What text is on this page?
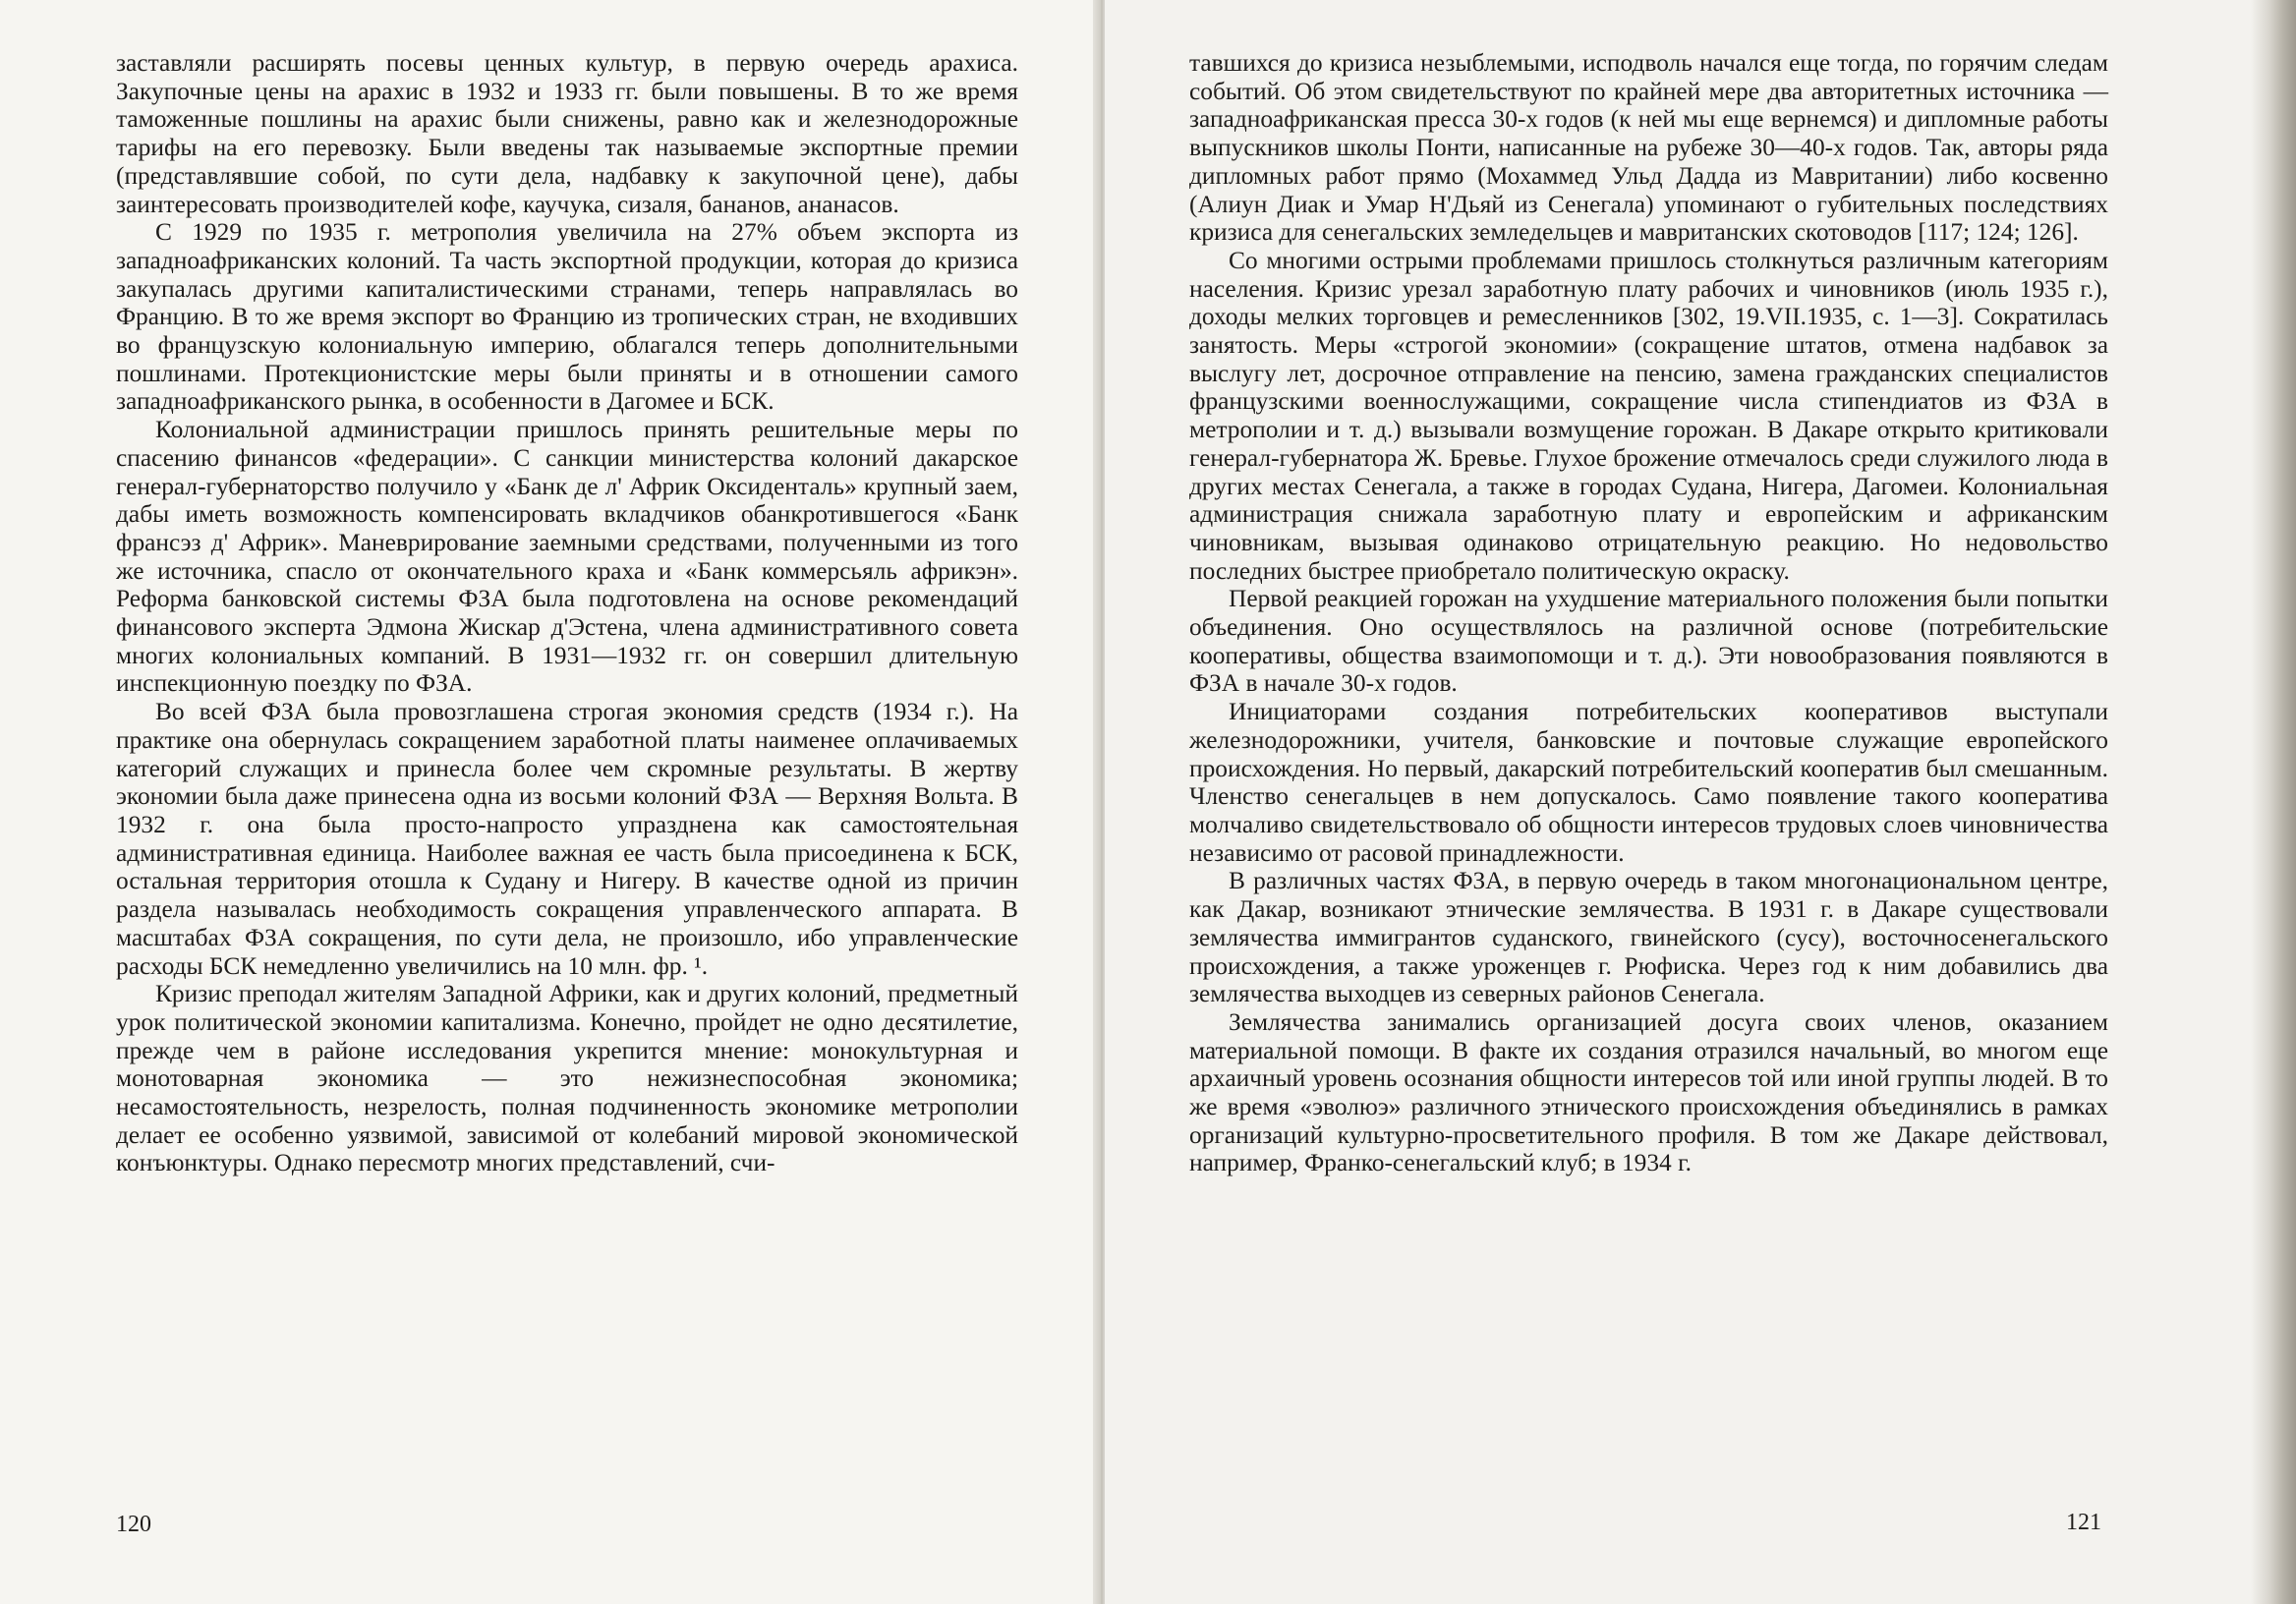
заставляли расширять посевы ценных культур, в первую очередь арахиса. Закупочные цены на арахис в 1932 и 1933 гг. были повышены. В то же время таможенные пошлины на арахис были снижены, равно как и железнодорожные тарифы на его перевозку. Были введены так называемые экспортные премии (представлявшие собой, по сути дела, надбавку к закупочной цене), дабы заинтересовать производителей кофе, каучука, сизаля, бананов, ананасов.

С 1929 по 1935 г. метрополия увеличила на 27% объем экспорта из западноафриканских колоний. Та часть экспортной продукции, которая до кризиса закупалась другими капиталистическими странами, теперь направлялась во Францию. В то же время экспорт во Францию из тропических стран, не входивших во французскую колониальную империю, облагался теперь дополнительными пошлинами. Протекционистские меры были приняты и в отношении самого западноафриканского рынка, в особенности в Дагомее и БСК.

Колониальной администрации пришлось принять решительные меры по спасению финансов «федерации». С санкции министерства колоний дакарское генерал-губернаторство получило у «Банк де л' Африк Оксиденталь» крупный заем, дабы иметь возможность компенсировать вкладчиков обанкротившегося «Банк франсэз д' Африк». Маневрирование заемными средствами, полученными из того же источника, спасло от окончательного краха и «Банк коммерсьяль африкэн». Реформа банковской системы ФЗА была подготовлена на основе рекомендаций финансового эксперта Эдмона Жискар д'Эстена, члена административного совета многих колониальных компаний. В 1931—1932 гг. он совершил длительную инспекционную поездку по ФЗА.

Во всей ФЗА была провозглашена строгая экономия средств (1934 г.). На практике она обернулась сокращением заработной платы наименее оплачиваемых категорий служащих и принесла более чем скромные результаты. В жертву экономии была даже принесена одна из восьми колоний ФЗА — Верхняя Вольта. В 1932 г. она была просто-напросто упразднена как самостоятельная административная единица. Наиболее важная ее часть была присоединена к БСК, остальная территория отошла к Судану и Нигеру. В качестве одной из причин раздела называлась необходимость сокращения управленческого аппарата. В масштабах ФЗА сокращения, по сути дела, не произошло, ибо управленческие расходы БСК немедленно увеличились на 10 млн. фр. ¹.

Кризис преподал жителям Западной Африки, как и других колоний, предметный урок политической экономии капитализма. Конечно, пройдет не одно десятилетие, прежде чем в районе исследования укрепится мнение: монокультурная и монотоварная экономика — это нежизнеспособная экономика; несамостоятельность, незрелость, полная подчиненность экономике метрополии делает ее особенно уязвимой, зависимой от колебаний мировой экономической конъюнктуры. Однако пересмотр многих представлений, счи-

120

тавшихся до кризиса незыблемыми, исподволь начался еще тогда, по горячим следам событий. Об этом свидетельствуют по крайней мере два авторитетных источника — западноафриканская пресса 30-х годов (к ней мы еще вернемся) и дипломные работы выпускников школы Понти, написанные на рубеже 30—40-х годов. Так, авторы ряда дипломных работ прямо (Мохаммед Ульд Дадда из Мавритании) либо косвенно (Алиун Диак и Умар Н'Дьяй из Сенегала) упоминают о губительных последствиях кризиса для сенегальских земледельцев и мавританских скотоводов [117; 124; 126].

Со многими острыми проблемами пришлось столкнуться различным категориям населения. Кризис урезал заработную плату рабочих и чиновников (июль 1935 г.), доходы мелких торговцев и ремесленников [302, 19.VII.1935, с. 1—3]. Сократилась занятость. Меры «строгой экономии» (сокращение штатов, отмена надбавок за выслугу лет, досрочное отправление на пенсию, замена гражданских специалистов французскими военнослужащими, сокращение числа стипендиатов из ФЗА в метрополии и т. д.) вызывали возмущение горожан. В Дакаре открыто критиковали генерал-губернатора Ж. Бревье. Глухое брожение отмечалось среди служилого люда в других местах Сенегала, а также в городах Судана, Нигера, Дагомеи. Колониальная администрация снижала заработную плату и европейским и африканским чиновникам, вызывая одинаково отрицательную реакцию. Но недовольство последних быстрее приобретало политическую окраску.

Первой реакцией горожан на ухудшение материального положения были попытки объединения. Оно осуществлялось на различной основе (потребительские кооперативы, общества взаимопомощи и т. д.). Эти новообразования появляются в ФЗА в начале 30-х годов.

Инициаторами создания потребительских кооперативов выступали железнодорожники, учителя, банковские и почтовые служащие европейского происхождения. Но первый, дакарский потребительский кооператив был смешанным. Членство сенегальцев в нем допускалось. Само появление такого кооператива молчаливо свидетельствовало об общности интересов трудовых слоев чиновничества независимо от расовой принадлежности.

В различных частях ФЗА, в первую очередь в таком многонациональном центре, как Дакар, возникают этнические землячества. В 1931 г. в Дакаре существовали землячества иммигрантов суданского, гвинейского (сусу), восточносенегальского происхождения, а также уроженцев г. Рюфиска. Через год к ним добавились два землячества выходцев из северных районов Сенегала.

Землячества занимались организацией досуга своих членов, оказанием материальной помощи. В факте их создания отразился начальный, во многом еще архаичный уровень осознания общности интересов той или иной группы людей. В то же время «эволюэ» различного этнического происхождения объединялись в рамках организаций культурно-просветительного профиля. В том же Дакаре действовал, например, Франко-сенегальский клуб; в 1934 г.

121
